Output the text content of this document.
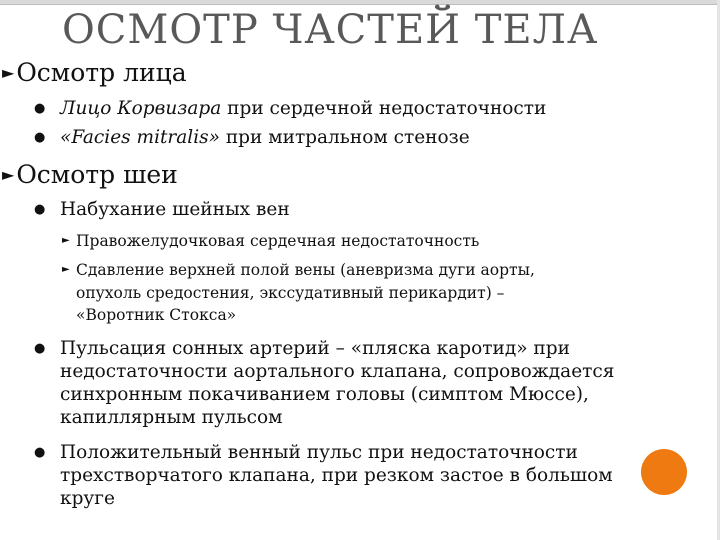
ОСМОТР ЧАСТЕЙ ТЕЛА
►Осмотр лица
● Лицо Корвизара при сердечной недостаточности
● «Facies mitralis» при митральном стенозе
►Осмотр шеи
● Набухание шейных вен
► Правожелудочковая сердечная недостаточность
► Сдавление верхней полой вены (аневризма дуги аорты,
опухоль средостения, экссудативный перикардит) –
«Воротник Стокса»
● Пульсация сонных артерий – «пляска каротид» при
недостаточности аортального клапана, сопровождается
синхронным покачиванием головы (симптом Мюссе),
капиллярным пульсом
● Положительный венный пульс при недостаточности
трехстворчатого клапана, при резком застое в большом
круге
